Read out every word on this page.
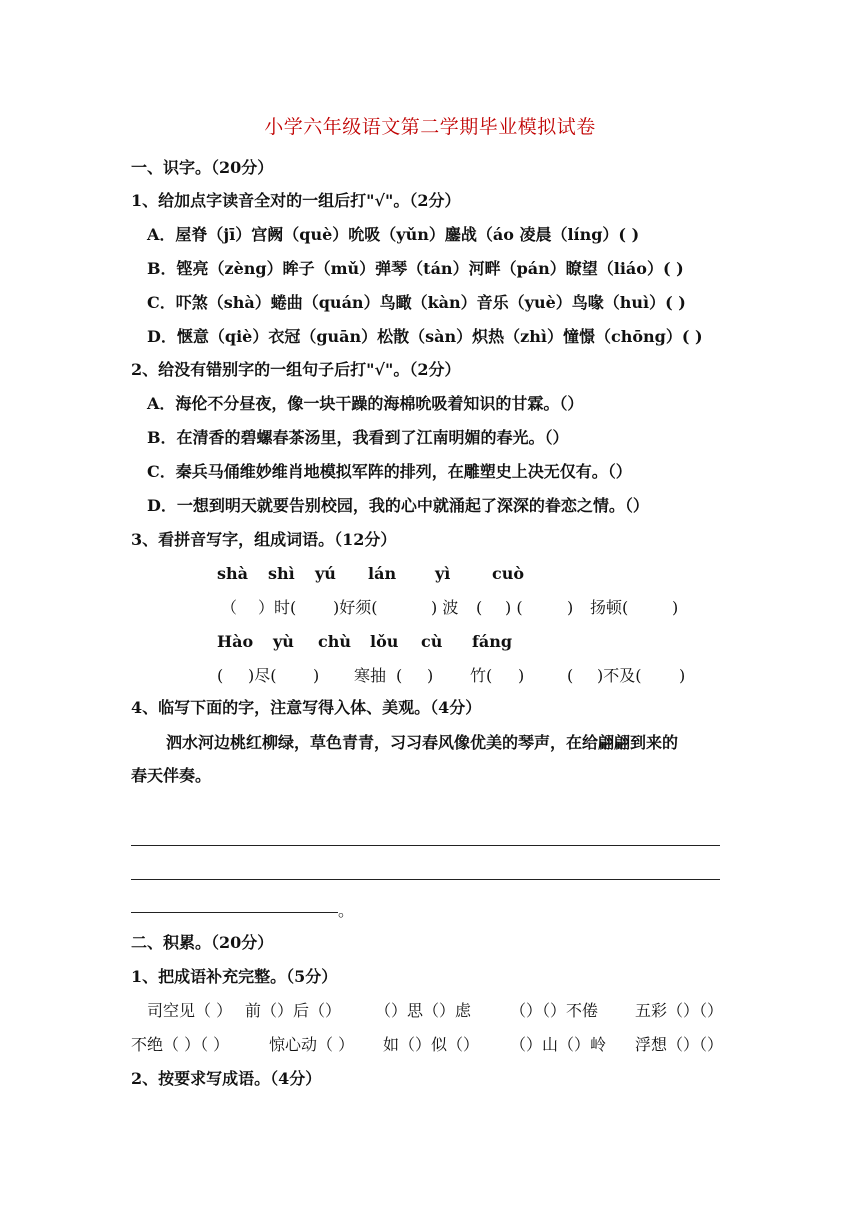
小学六年级语文第二学期毕业模拟试卷
一、识字。（20分）
1、给加点字读音全对的一组后打"√"。（2分）
A．屋脊（jī）宫阙（què）吮吸（yǔn）鏖战（áo 凌晨（líng）( )
B．铿亮（zèng）眸子（mǔ）弹琴（tán）河畔（pán）瞭望（liáo）( )
C．吓煞（shà）蜷曲（quán）鸟瞰（kàn）音乐（yuè）鸟喙（huì）( )
D．惬意（qiè）衣冠（guān）松散（sàn）炽热（zhì）憧憬（chōng）( )
2、给没有错别字的一组句子后打"√"。（2分）
A．海伦不分昼夜，像一块干躁的海棉吮吸着知识的甘霖。（）
B．在清香的碧螺春茶汤里，我看到了江南明媚的春光。（）
C．秦兵马俑维妙维肖地模拟军阵的排列，在雕塑史上决无仅有。（）
D．一想到明天就要告别校园，我的心中就涌起了深深的眷恋之情。（）
3、看拼音写字，组成词语。（12分）
shà shì yú lán yì	cuò
（ ）时( )好须(	) 波 ( ) (	) 扬顿(	)
Hào yù chù lǒu cù fáng
( )尽( ) 寒抽 ( ) 竹( )	( )不及( )
4、临写下面的字，注意写得入体、美观。（4分）
泗水河边桃红柳绿，草色青青，习习春风像优美的琴声，在给翩翩到来的
春天伴奏。
。
二、积累。（20分）
1、把成语补充完整。（5分）
司空见（ ） 前（）后（） （）思（）虑 （）（）不倦 五彩（）（）
不绝（ ）（ ） 惊心动（ ） 如（）似（） （）山（）岭 浮想（）（）
2、按要求写成语。（4分）
